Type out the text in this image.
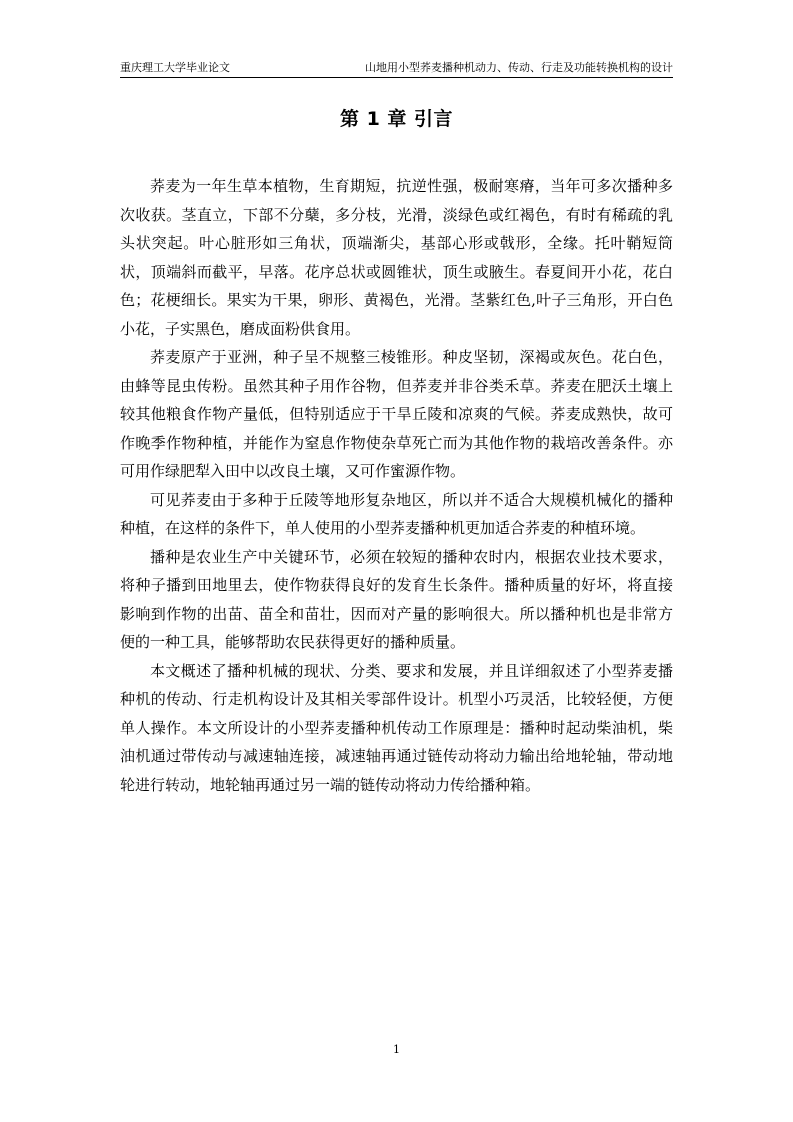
重庆理工大学毕业论文	山地用小型荞麦播种机动力、传动、行走及功能转换机构的设计
第 1 章 引言

荞麦为一年生草本植物，生育期短，抗逆性强，极耐寒瘠，当年可多次播种多次收获。茎直立，下部不分蘖，多分枝，光滑，淡绿色或红褐色，有时有稀疏的乳头状突起。叶心脏形如三角状，顶端渐尖，基部心形或戟形，全缘。托叶鞘短筒状，顶端斜而截平，早落。花序总状或圆锥状，顶生或腋生。春夏间开小花，花白色；花梗细长。果实为干果，卵形、黄褐色，光滑。茎紫红色,叶子三角形，开白色小花，子实黑色，磨成面粉供食用。

荞麦原产于亚洲，种子呈不规整三棱锥形。种皮坚韧，深褐或灰色。花白色，由蜂等昆虫传粉。虽然其种子用作谷物，但荞麦并非谷类禾草。荞麦在肥沃土壤上较其他粮食作物产量低，但特别适应于干旱丘陵和凉爽的气候。荞麦成熟快，故可作晚季作物种植，并能作为窒息作物使杂草死亡而为其他作物的栽培改善条件。亦可用作绿肥犁入田中以改良土壤，又可作蜜源作物。

可见荞麦由于多种于丘陵等地形复杂地区，所以并不适合大规模机械化的播种种植，在这样的条件下，单人使用的小型荞麦播种机更加适合荞麦的种植环境。

播种是农业生产中关键环节，必须在较短的播种农时内，根据农业技术要求，将种子播到田地里去，使作物获得良好的发育生长条件。播种质量的好坏，将直接影响到作物的出苗、苗全和苗壮，因而对产量的影响很大。所以播种机也是非常方便的一种工具，能够帮助农民获得更好的播种质量。

本文概述了播种机械的现状、分类、要求和发展，并且详细叙述了小型荞麦播种机的传动、行走机构设计及其相关零部件设计。机型小巧灵活，比较轻便，方便单人操作。本文所设计的小型荞麦播种机传动工作原理是：播种时起动柴油机，柴油机通过带传动与减速轴连接，减速轴再通过链传动将动力输出给地轮轴，带动地轮进行转动，地轮轴再通过另一端的链传动将动力传给播种箱。

1
